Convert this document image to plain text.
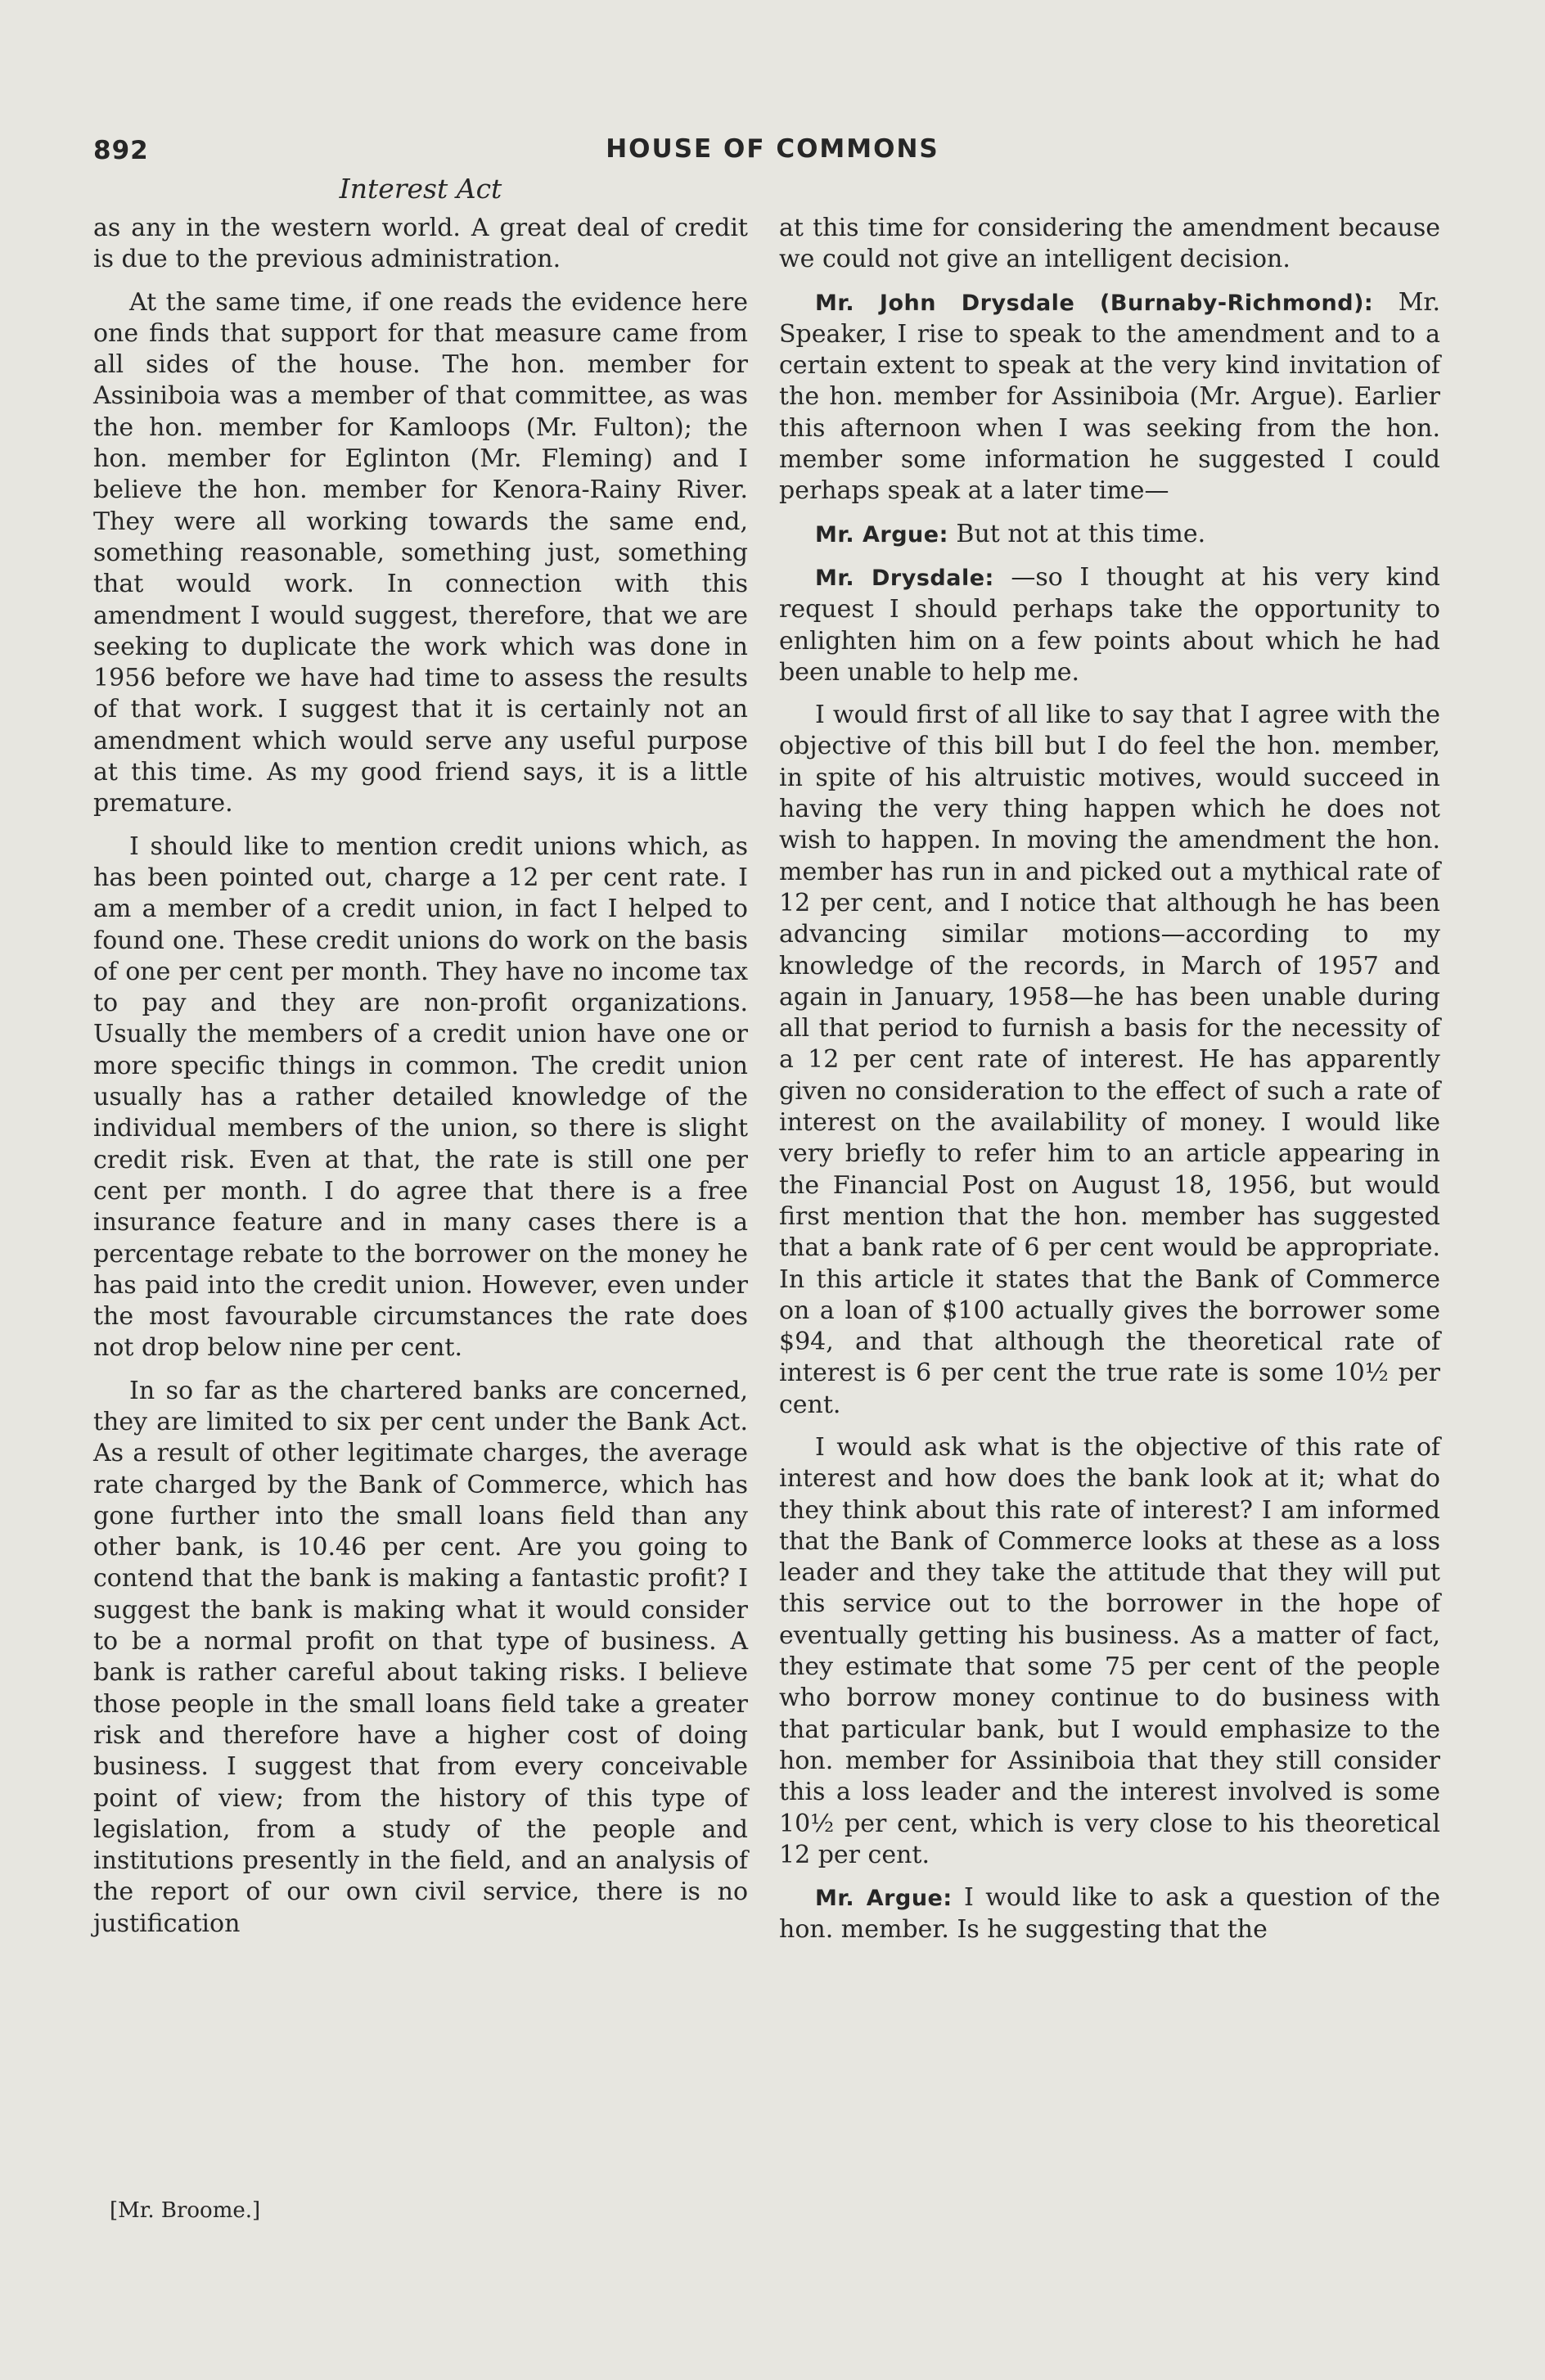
892	HOUSE OF COMMONS
Interest Act

as any in the western world. A great deal of credit is due to the previous administration.

At the same time, if one reads the evidence here one finds that support for that measure came from all sides of the house. The hon. member for Assiniboia was a member of that committee, as was the hon. member for Kamloops (Mr. Fulton); the hon. member for Eglinton (Mr. Fleming) and I believe the hon. member for Kenora-Rainy River. They were all working towards the same end, something reasonable, something just, something that would work. In connection with this amendment I would suggest, therefore, that we are seeking to duplicate the work which was done in 1956 before we have had time to assess the results of that work. I suggest that it is certainly not an amendment which would serve any useful purpose at this time. As my good friend says, it is a little premature.

I should like to mention credit unions which, as has been pointed out, charge a 12 per cent rate. I am a member of a credit union, in fact I helped to found one. These credit unions do work on the basis of one per cent per month. They have no income tax to pay and they are non-profit organizations. Usually the members of a credit union have one or more specific things in common. The credit union usually has a rather detailed knowledge of the individual members of the union, so there is slight credit risk. Even at that, the rate is still one per cent per month. I do agree that there is a free insurance feature and in many cases there is a percentage rebate to the borrower on the money he has paid into the credit union. However, even under the most favourable circumstances the rate does not drop below nine per cent.

In so far as the chartered banks are concerned, they are limited to six per cent under the Bank Act. As a result of other legitimate charges, the average rate charged by the Bank of Commerce, which has gone further into the small loans field than any other bank, is 10.46 per cent. Are you going to contend that the bank is making a fantastic profit? I suggest the bank is making what it would consider to be a normal profit on that type of business. A bank is rather careful about taking risks. I believe those people in the small loans field take a greater risk and therefore have a higher cost of doing business. I suggest that from every conceivable point of view; from the history of this type of legislation, from a study of the people and institutions presently in the field, and an analysis of the report of our own civil service, there is no justification

at this time for considering the amendment because we could not give an intelligent decision.

Mr. John Drysdale (Burnaby-Richmond): Mr. Speaker, I rise to speak to the amendment and to a certain extent to speak at the very kind invitation of the hon. member for Assiniboia (Mr. Argue). Earlier this afternoon when I was seeking from the hon. member some information he suggested I could perhaps speak at a later time—

Mr. Argue: But not at this time.

Mr. Drysdale: —so I thought at his very kind request I should perhaps take the opportunity to enlighten him on a few points about which he had been unable to help me.

I would first of all like to say that I agree with the objective of this bill but I do feel the hon. member, in spite of his altruistic motives, would succeed in having the very thing happen which he does not wish to happen. In moving the amendment the hon. member has run in and picked out a mythical rate of 12 per cent, and I notice that although he has been advancing similar motions—according to my knowledge of the records, in March of 1957 and again in January, 1958—he has been unable during all that period to furnish a basis for the necessity of a 12 per cent rate of interest. He has apparently given no consideration to the effect of such a rate of interest on the availability of money. I would like very briefly to refer him to an article appearing in the Financial Post on August 18, 1956, but would first mention that the hon. member has suggested that a bank rate of 6 per cent would be appropriate. In this article it states that the Bank of Commerce on a loan of $100 actually gives the borrower some $94, and that although the theoretical rate of interest is 6 per cent the true rate is some 10½ per cent.

I would ask what is the objective of this rate of interest and how does the bank look at it; what do they think about this rate of interest? I am informed that the Bank of Commerce looks at these as a loss leader and they take the attitude that they will put this service out to the borrower in the hope of eventually getting his business. As a matter of fact, they estimate that some 75 per cent of the people who borrow money continue to do business with that particular bank, but I would emphasize to the hon. member for Assiniboia that they still consider this a loss leader and the interest involved is some 10½ per cent, which is very close to his theoretical 12 per cent.

Mr. Argue: I would like to ask a question of the hon. member. Is he suggesting that the

[Mr. Broome.]
